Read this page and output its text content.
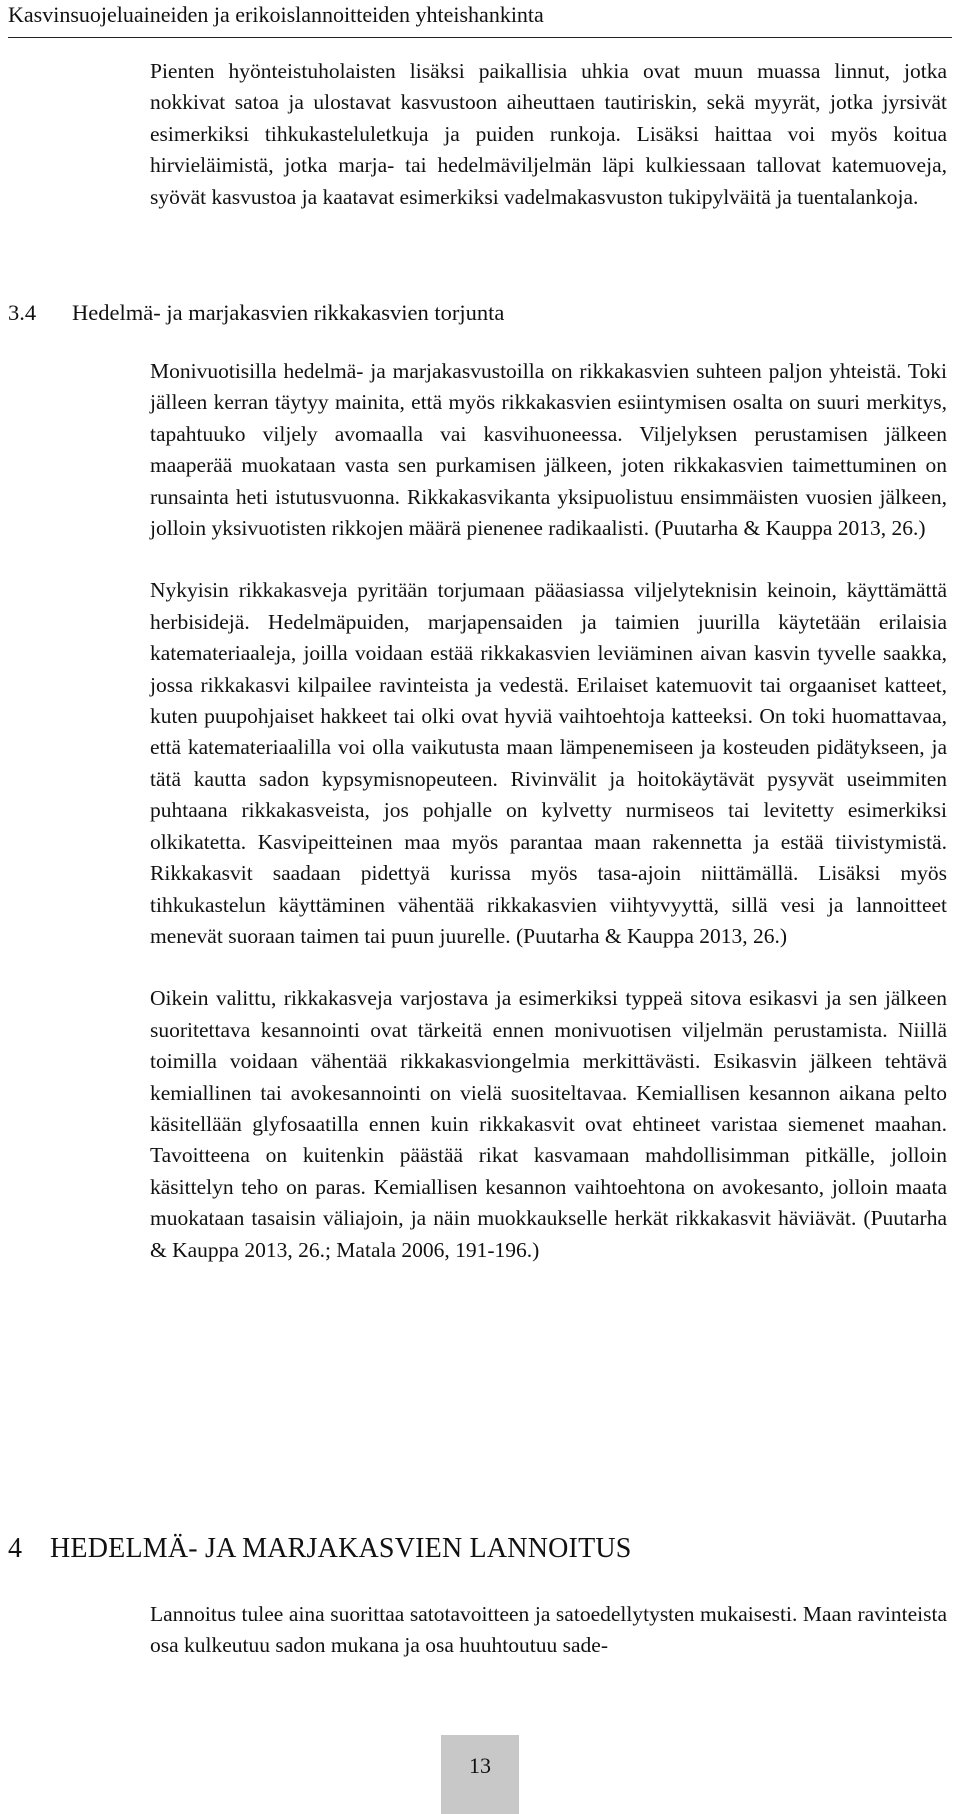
Kasvinsuojeluaineiden ja erikoislannoitteiden yhteishankinta

Pienten hyönteistuholaisten lisäksi paikallisia uhkia ovat muun muassa linnut, jotka nokkivat satoa ja ulostavat kasvustoon aiheuttaen tautiriskin, sekä myyrät, jotka jyrsivät esimerkiksi tihkukasteluletkuja ja puiden runkoja. Lisäksi haittaa voi myös koitua hirvieläimistä, jotka marja- tai hedelmäviljelmän läpi kulkiessaan tallovat katemuoveja, syövät kasvustoa ja kaatavat esimerkiksi vadelmakasvuston tukipylväitä ja tuentalankoja.

3.4 Hedelmä- ja marjakasvien rikkakasvien torjunta

Monivuotisilla hedelmä- ja marjakasvustoilla on rikkakasvien suhteen paljon yhteistä. Toki jälleen kerran täytyy mainita, että myös rikkakasvien esiintymisen osalta on suuri merkitys, tapahtuuko viljely avomaalla vai kasvihuoneessa. Viljelyksen perustamisen jälkeen maaperää muokataan vasta sen purkamisen jälkeen, joten rikkakasvien taimettuminen on runsainta heti istutusvuonna. Rikkakasvikanta yksipuolistuu ensimmäisten vuosien jälkeen, jolloin yksivuotisten rikkojen määrä pienenee radikaalisti. (Puutarha & Kauppa 2013, 26.)

Nykyisin rikkakasveja pyritään torjumaan pääasiassa viljelyteknisin keinoin, käyttämättä herbisidejä. Hedelmäpuiden, marjapensaiden ja taimien juurilla käytetään erilaisia katemateriaaleja, joilla voidaan estää rikkakasvien leviäminen aivan kasvin tyvelle saakka, jossa rikkakasvi kilpailee ravinteista ja vedestä. Erilaiset katemuovit tai orgaaniset katteet, kuten puupohjaiset hakkeet tai olki ovat hyviä vaihtoehtoja katteeksi. On toki huomattavaa, että katemateriaalilla voi olla vaikutusta maan lämpenemiseen ja kosteuden pidätykseen, ja tätä kautta sadon kypsymisnopeuteen. Rivinvälit ja hoitokäytävät pysyvät useimmiten puhtaana rikkakasveista, jos pohjalle on kylvetty nurmiseos tai levitetty esimerkiksi olkikatetta. Kasvipeitteinen maa myös parantaa maan rakennetta ja estää tiivistymistä. Rikkakasvit saadaan pidettyä kurissa myös tasa-ajoin niittämällä. Lisäksi myös tihkukastelun käyttäminen vähentää rikkakasvien viihtyvyyttä, sillä vesi ja lannoitteet menevät suoraan taimen tai puun juurelle. (Puutarha & Kauppa 2013, 26.)

Oikein valittu, rikkakasveja varjostava ja esimerkiksi typpeä sitova esikasvi ja sen jälkeen suoritettava kesannointi ovat tärkeitä ennen monivuotisen viljelmän perustamista. Niillä toimilla voidaan vähentää rikkakasviongelmia merkittävästi. Esikasvin jälkeen tehtävä kemiallinen tai avokesannointi on vielä suositeltavaa. Kemiallisen kesannon aikana pelto käsitellään glyfosaatilla ennen kuin rikkakasvit ovat ehtineet varistaa siemenet maahan. Tavoitteena on kuitenkin päästää rikat kasvamaan mahdollisimman pitkälle, jolloin käsittelyn teho on paras. Kemiallisen kesannon vaihtoehtona on avokesanto, jolloin maata muokataan tasaisin väliajoin, ja näin muokkaukselle herkät rikkakasvit häviävät. (Puutarha & Kauppa 2013, 26.; Matala 2006, 191-196.)

4 HEDELMÄ- JA MARJAKASVIEN LANNOITUS

Lannoitus tulee aina suorittaa satotavoitteen ja satoedellytysten mukaisesti. Maan ravinteista osa kulkeutuu sadon mukana ja osa huuhtoutuu sade-

13
